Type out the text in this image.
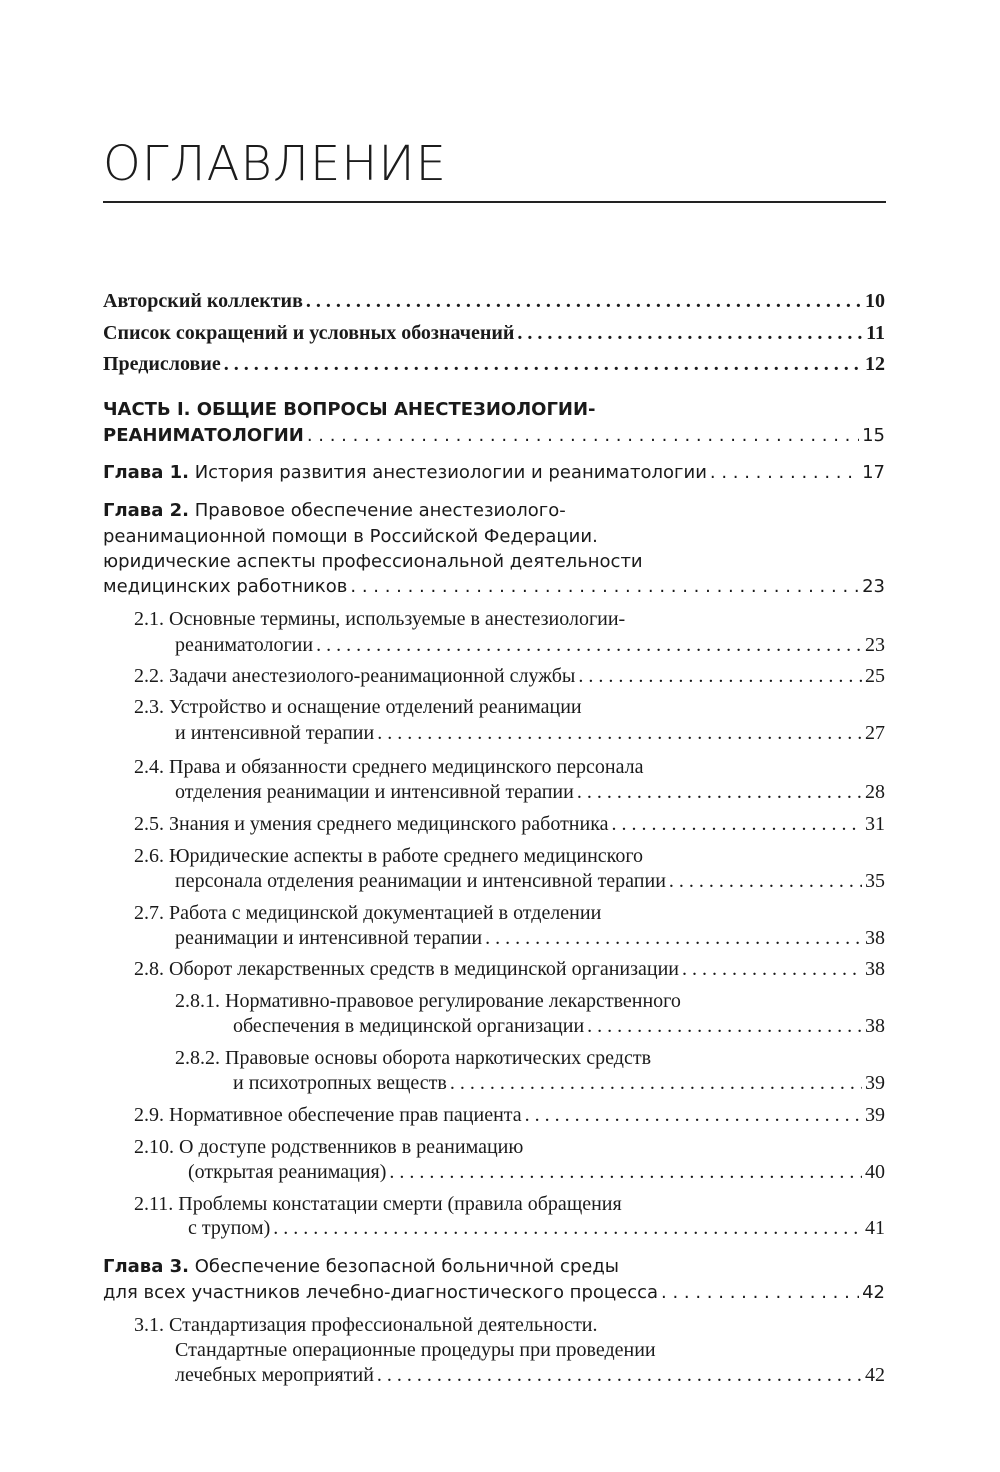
ОГЛАВЛЕНИЕ
Авторский коллектив . . .	10
Список сокращений и условных обозначений . . .	11
Предисловие . . .	12
ЧАСТЬ I. ОБЩИЕ ВОПРОСЫ АНЕСТЕЗИОЛОГИИ-
РЕАНИМАТОЛОГИИ . . .	15
Глава 1. История развития анестезиологии и реаниматологии . . .	17
Глава 2. Правовое обеспечение анестезиолого-
реанимационной помощи в Российской Федерации.
юридические аспекты профессиональной деятельности
медицинских работников . . .	23
2.1. Основные термины, используемые в анестезиологии-
реаниматологии . . .	23
2.2. Задачи анестезиолого-реанимационной службы . . .	25
2.3. Устройство и оснащение отделений реанимации
и интенсивной терапии . . .	27
2.4. Права и обязанности среднего медицинского персонала
отделения реанимации и интенсивной терапии . . .	28
2.5. Знания и умения среднего медицинского работника . . .	31
2.6. Юридические аспекты в работе среднего медицинского
персонала отделения реанимации и интенсивной терапии . . .	35
2.7. Работа с медицинской документацией в отделении
реанимации и интенсивной терапии . . .	38
2.8. Оборот лекарственных средств в медицинской организации . . .	38
2.8.1. Нормативно-правовое регулирование лекарственного
обеспечения в медицинской организации . . .	38
2.8.2. Правовые основы оборота наркотических средств
и психотропных веществ . . .	39
2.9. Нормативное обеспечение прав пациента . . .	39
2.10. О доступе родственников в реанимацию
(открытая реанимация) . . .	40
2.11. Проблемы констатации смерти (правила обращения
с трупом) . . .	41
Глава 3. Обеспечение безопасной больничной среды
для всех участников лечебно-диагностического процесса . . .	42
3.1. Стандартизация профессиональной деятельности.
Стандартные операционные процедуры при проведении
лечебных мероприятий . . .	42
